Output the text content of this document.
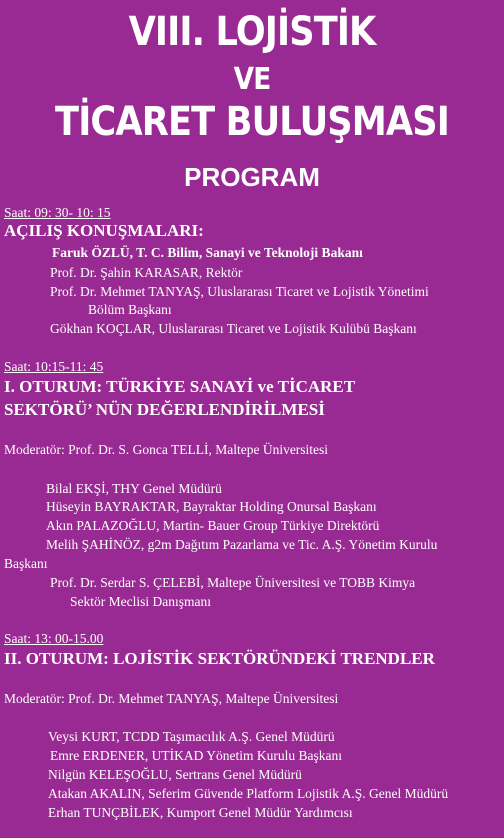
VIII. LOJİSTİK
VE
TİCARET BULUŞMASI
PROGRAM
Saat: 09: 30- 10: 15
AÇILIŞ KONUŞMALARI:
Faruk ÖZLÜ, T. C. Bilim, Sanayi ve Teknoloji Bakanı
Prof. Dr. Şahin KARASAR, Rektör
Prof. Dr. Mehmet TANYAŞ, Uluslararası Ticaret ve Lojistik Yönetimi
Bölüm Başkanı
Gökhan KOÇLAR, Uluslararası Ticaret ve Lojistik Kulübü Başkanı
Saat: 10:15-11: 45
I. OTURUM: TÜRKİYE SANAYİ ve TİCARET
SEKTÖRÜ’ NÜN DEĞERLENDİRİLMESİ
Moderatör: Prof. Dr. S. Gonca TELLİ, Maltepe Üniversitesi
Bilal EKŞİ, THY Genel Müdürü
Hüseyin BAYRAKTAR, Bayraktar Holding Onursal Başkanı
Akın PALAZOĞLU, Martin- Bauer Group Türkiye Direktörü
Melih ŞAHİNÖZ, g2m Dağıtım Pazarlama ve Tic. A.Ş. Yönetim Kurulu
Başkanı
Prof. Dr. Serdar S. ÇELEBİ, Maltepe Üniversitesi ve TOBB Kimya
Sektör Meclisi Danışmanı
Saat: 13: 00-15.00
II. OTURUM: LOJİSTİK SEKTÖRÜNDEKİ TRENDLER
Moderatör: Prof. Dr. Mehmet TANYAŞ, Maltepe Üniversitesi
Veysi KURT, TCDD Taşımacılık A.Ş. Genel Müdürü
Emre ERDENER, UTİKAD Yönetim Kurulu Başkanı
Nilgün KELEŞOĞLU, Sertrans Genel Müdürü
Atakan AKALIN, Seferim Güvende Platform Lojistik A.Ş. Genel Müdürü
Erhan TUNÇBİLEK, Kumport Genel Müdür Yardımcısı
